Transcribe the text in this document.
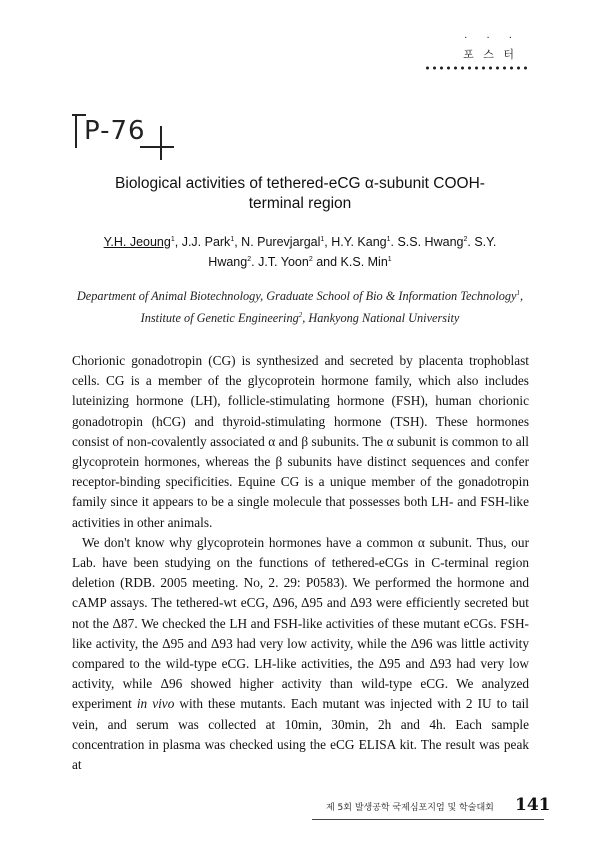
· · ·
포 스 터
P-76
Biological activities of tethered-eCG α-subunit COOH-
terminal region
Y.H. Jeoung$^1$, J.J. Park$^1$, N. Purevjargal$^1$, H.Y. Kang$^1$. S.S. Hwang$^2$. S.Y. Hwang$^2$. J.T. Yoon$^2$ and K.S. Min$^1$
Department of Animal Biotechnology, Graduate School of Bio & Information Technology$^1$, Institute of Genetic Engineering$^2$, Hankyong National University

Chorionic gonadotropin (CG) is synthesized and secreted by placenta trophoblast cells. CG is a member of the glycoprotein hormone family, which also includes luteinizing hormone (LH), follicle-stimulating hormone (FSH), human chorionic gonadotropin (hCG) and thyroid-stimulating hormone (TSH). These hormones consist of non-covalently associated α and β subunits. The α subunit is common to all glycoprotein hormones, whereas the β subunits have distinct sequences and confer receptor-binding specificities. Equine CG is a unique member of the gonadotropin family since it appears to be a single molecule that possesses both LH- and FSH-like activities in other animals.

We don't know why glycoprotein hormones have a common α subunit. Thus, our Lab. have been studying on the functions of tethered-eCGs in C-terminal region deletion (RDB. 2005 meeting. No, 2. 29: P0583). We performed the hormone and cAMP assays. The tethered-wt eCG, Δ96, Δ95 and Δ93 were efficiently secreted but not the Δ87. We checked the LH and FSH-like activities of these mutant eCGs. FSH-like activity, the Δ95 and Δ93 had very low activity, while the Δ96 was little activity compared to the wild-type eCG. LH-like activities, the Δ95 and Δ93 had very low activity, while Δ96 showed higher activity than wild-type eCG. We analyzed experiment in vivo with these mutants. Each mutant was injected with 2 IU to tail vein, and serum was collected at 10min, 30min, 2h and 4h. Each sample concentration in plasma was checked using the eCG ELISA kit. The result was peak at

제 5회 발생공학 국제심포지엄 및 학술대회 141
